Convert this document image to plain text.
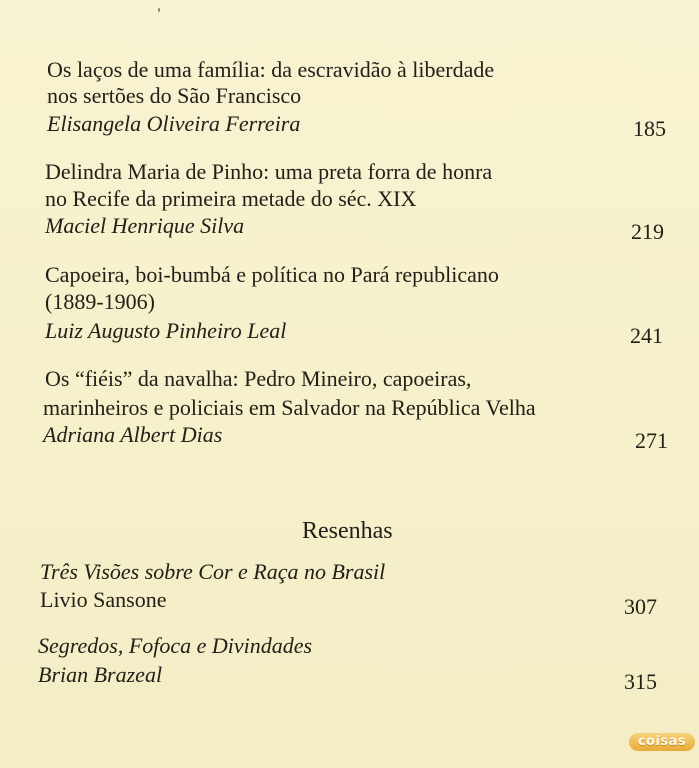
Os laços de uma família: da escravidão à liberdade
nos sertões do São Francisco
Elisangela Oliveira Ferreira	185
Delindra Maria de Pinho: uma preta forra de honra
no Recife da primeira metade do séc. XIX
Maciel Henrique Silva	219
Capoeira, boi-bumbá e política no Pará republicano
(1889-1906)
Luiz Augusto Pinheiro Leal	241
Os “fiéis” da navalha: Pedro Mineiro, capoeiras,
marinheiros e policiais em Salvador na República Velha
Adriana Albert Dias	271
Resenhas
Três Visões sobre Cor e Raça no Brasil
Livio Sansone	307
Segredos, Fofoca e Divindades
Brian Brazeal	315
coisas
